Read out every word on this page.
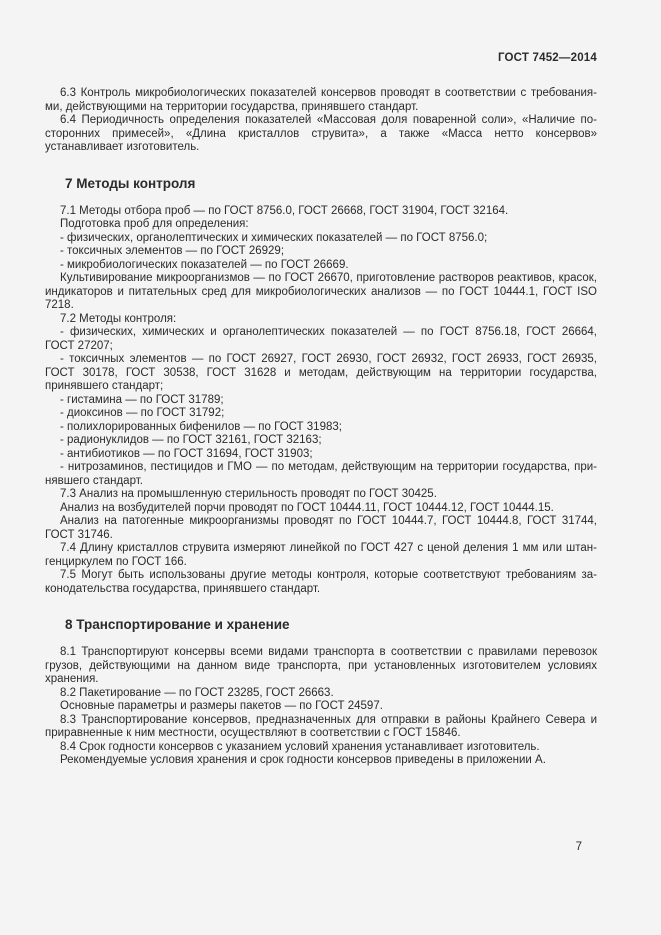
ГОСТ 7452—2014

6.3 Контроль микробиологических показателей консервов проводят в соответствии с требованиями, действующими на территории государства, принявшего стандарт.

6.4 Периодичность определения показателей «Массовая доля поваренной соли», «Наличие посторонних примесей», «Длина кристаллов струвита», а также «Масса нетто консервов» устанавливает изготовитель.

7 Методы контроля

7.1 Методы отбора проб — по ГОСТ 8756.0, ГОСТ 26668, ГОСТ 31904, ГОСТ 32164.

Подготовка проб для определения:

- физических, органолептических и химических показателей — по ГОСТ 8756.0;

- токсичных элементов — по ГОСТ 26929;

- микробиологических показателей — по ГОСТ 26669.

Культивирование микроорганизмов — по ГОСТ 26670, приготовление растворов реактивов, красок, индикаторов и питательных сред для микробиологических анализов — по ГОСТ 10444.1, ГОСТ ISO 7218.

7.2 Методы контроля:

- физических, химических и органолептических показателей — по ГОСТ 8756.18, ГОСТ 26664, ГОСТ 27207;

- токсичных элементов — по ГОСТ 26927, ГОСТ 26930, ГОСТ 26932, ГОСТ 26933, ГОСТ 26935, ГОСТ 30178, ГОСТ 30538, ГОСТ 31628 и методам, действующим на территории государства, принявшего стандарт;

- гистамина — по ГОСТ 31789;

- диоксинов — по ГОСТ 31792;

- полихлорированных бифенилов — по ГОСТ 31983;

- радионуклидов — по ГОСТ 32161, ГОСТ 32163;

- антибиотиков — по ГОСТ 31694, ГОСТ 31903;

- нитрозаминов, пестицидов и ГМО — по методам, действующим на территории государства, принявшего стандарт.

7.3 Анализ на промышленную стерильность проводят по ГОСТ 30425.

Анализ на возбудителей порчи проводят по ГОСТ 10444.11, ГОСТ 10444.12, ГОСТ 10444.15.

Анализ на патогенные микроорганизмы проводят по ГОСТ 10444.7, ГОСТ 10444.8, ГОСТ 31744, ГОСТ 31746.

7.4 Длину кристаллов струвита измеряют линейкой по ГОСТ 427 с ценой деления 1 мм или штангенциркулем по ГОСТ 166.

7.5 Могут быть использованы другие методы контроля, которые соответствуют требованиям законодательства государства, принявшего стандарт.

8 Транспортирование и хранение

8.1 Транспортируют консервы всеми видами транспорта в соответствии с правилами перевозок грузов, действующими на данном виде транспорта, при установленных изготовителем условиях хранения.

8.2 Пакетирование — по ГОСТ 23285, ГОСТ 26663.

Основные параметры и размеры пакетов — по ГОСТ 24597.

8.3 Транспортирование консервов, предназначенных для отправки в районы Крайнего Севера и приравненные к ним местности, осуществляют в соответствии с ГОСТ 15846.

8.4 Срок годности консервов с указанием условий хранения устанавливает изготовитель.

Рекомендуемые условия хранения и срок годности консервов приведены в приложении А.

7
